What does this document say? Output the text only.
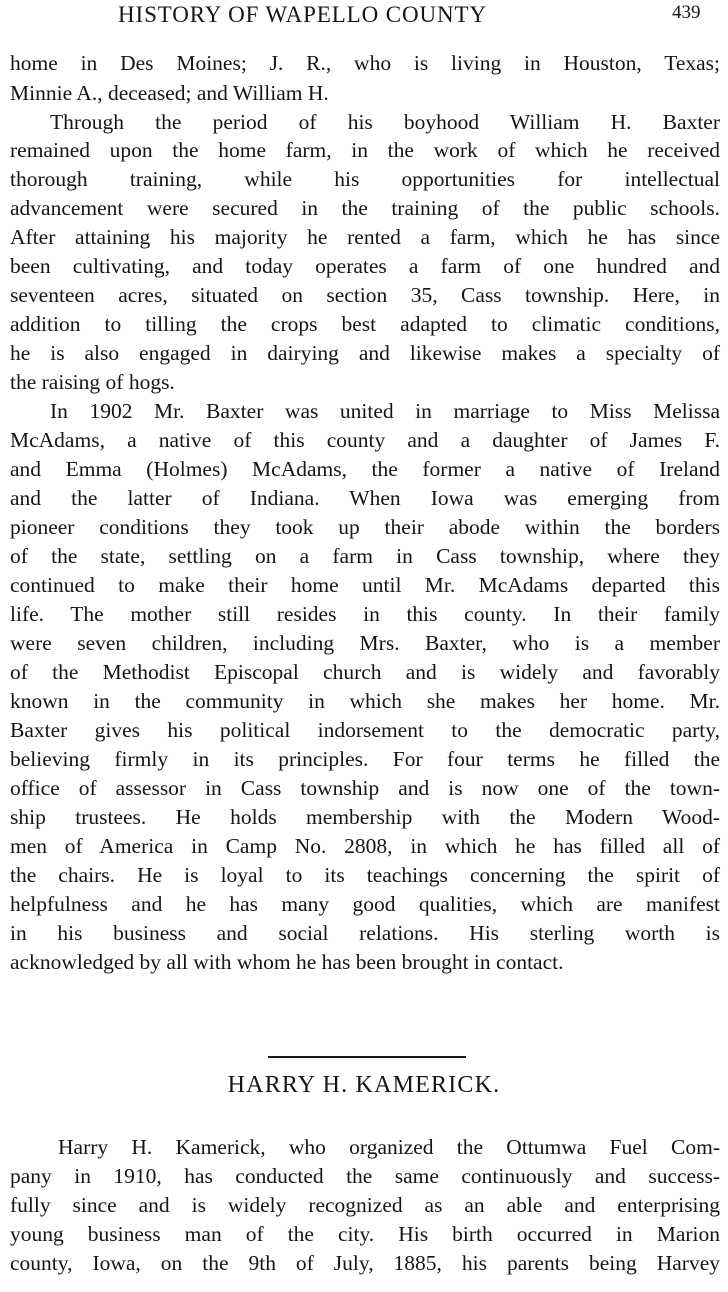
HISTORY OF WAPELLO COUNTY	439
home in Des Moines; J. R., who is living in Houston, Texas;
Minnie A., deceased; and William H.
Through the period of his boyhood William H. Baxter
remained upon the home farm, in the work of which he received
thorough training, while his opportunities for intellectual
advancement were secured in the training of the public schools.
After attaining his majority he rented a farm, which he has since
been cultivating, and today operates a farm of one hundred and
seventeen acres, situated on section 35, Cass township. Here, in
addition to tilling the crops best adapted to climatic conditions,
he is also engaged in dairying and likewise makes a specialty of
the raising of hogs.
In 1902 Mr. Baxter was united in marriage to Miss Melissa
McAdams, a native of this county and a daughter of James F.
and Emma (Holmes) McAdams, the former a native of Ireland
and the latter of Indiana. When Iowa was emerging from
pioneer conditions they took up their abode within the borders
of the state, settling on a farm in Cass township, where they
continued to make their home until Mr. McAdams departed this
life. The mother still resides in this county. In their family
were seven children, including Mrs. Baxter, who is a member
of the Methodist Episcopal church and is widely and favorably
known in the community in which she makes her home. Mr.
Baxter gives his political indorsement to the democratic party,
believing firmly in its principles. For four terms he filled the
office of assessor in Cass township and is now one of the town-
ship trustees. He holds membership with the Modern Wood-
men of America in Camp No. 2808, in which he has filled all of
the chairs. He is loyal to its teachings concerning the spirit of
helpfulness and he has many good qualities, which are manifest
in his business and social relations. His sterling worth is
acknowledged by all with whom he has been brought in contact.
HARRY H. KAMERICK.
Harry H. Kamerick, who organized the Ottumwa Fuel Com-
pany in 1910, has conducted the same continuously and success-
fully since and is widely recognized as an able and enterprising
young business man of the city. His birth occurred in Marion
county, Iowa, on the 9th of July, 1885, his parents being Harvey
